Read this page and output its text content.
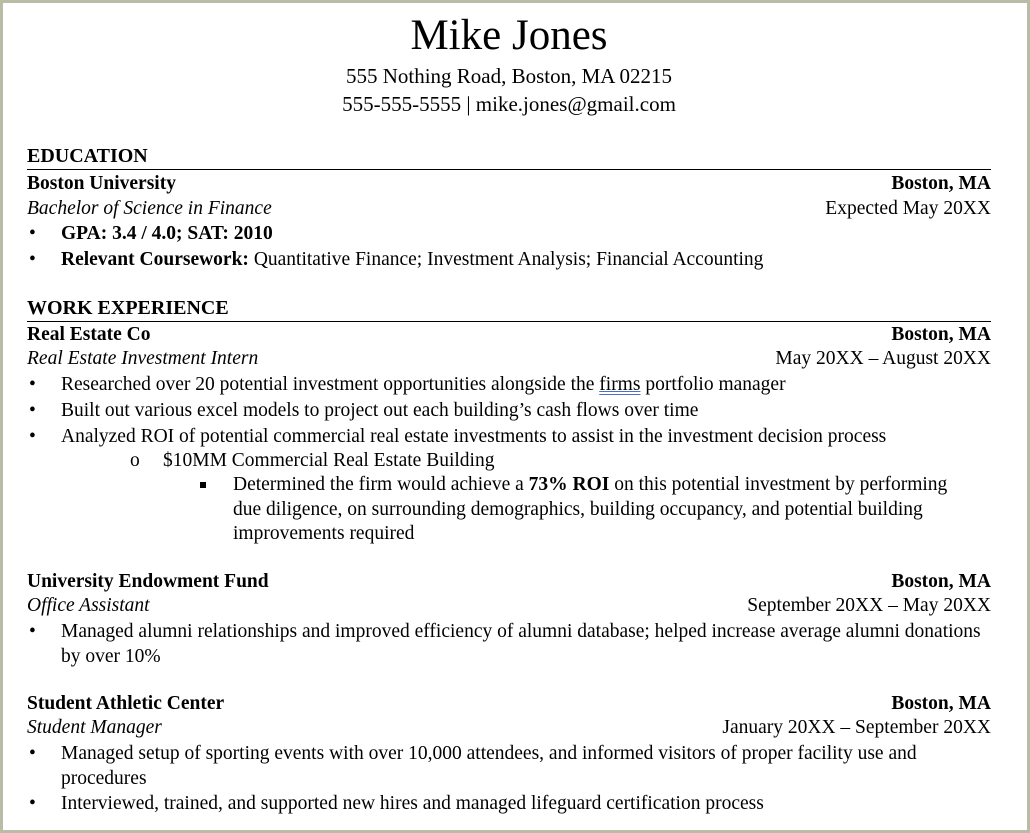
Mike Jones
555 Nothing Road, Boston, MA 02215
555-555-5555 | mike.jones@gmail.com
EDUCATION
Boston University	Boston, MA
Bachelor of Science in Finance	Expected May 20XX
• GPA: 3.4 / 4.0; SAT: 2010
• Relevant Coursework: Quantitative Finance; Investment Analysis; Financial Accounting
WORK EXPERIENCE
Real Estate Co	Boston, MA
Real Estate Investment Intern	May 20XX – August 20XX
• Researched over 20 potential investment opportunities alongside the firms portfolio manager
• Built out various excel models to project out each building’s cash flows over time
• Analyzed ROI of potential commercial real estate investments to assist in the investment decision process
o $10MM Commercial Real Estate Building
Determined the firm would achieve a 73% ROI on this potential investment by performing due diligence, on surrounding demographics, building occupancy, and potential building improvements required
University Endowment Fund	Boston, MA
Office Assistant	September 20XX – May 20XX
• Managed alumni relationships and improved efficiency of alumni database; helped increase average alumni donations by over 10%
Student Athletic Center	Boston, MA
Student Manager	January 20XX – September 20XX
• Managed setup of sporting events with over 10,000 attendees, and informed visitors of proper facility use and procedures
• Interviewed, trained, and supported new hires and managed lifeguard certification process
